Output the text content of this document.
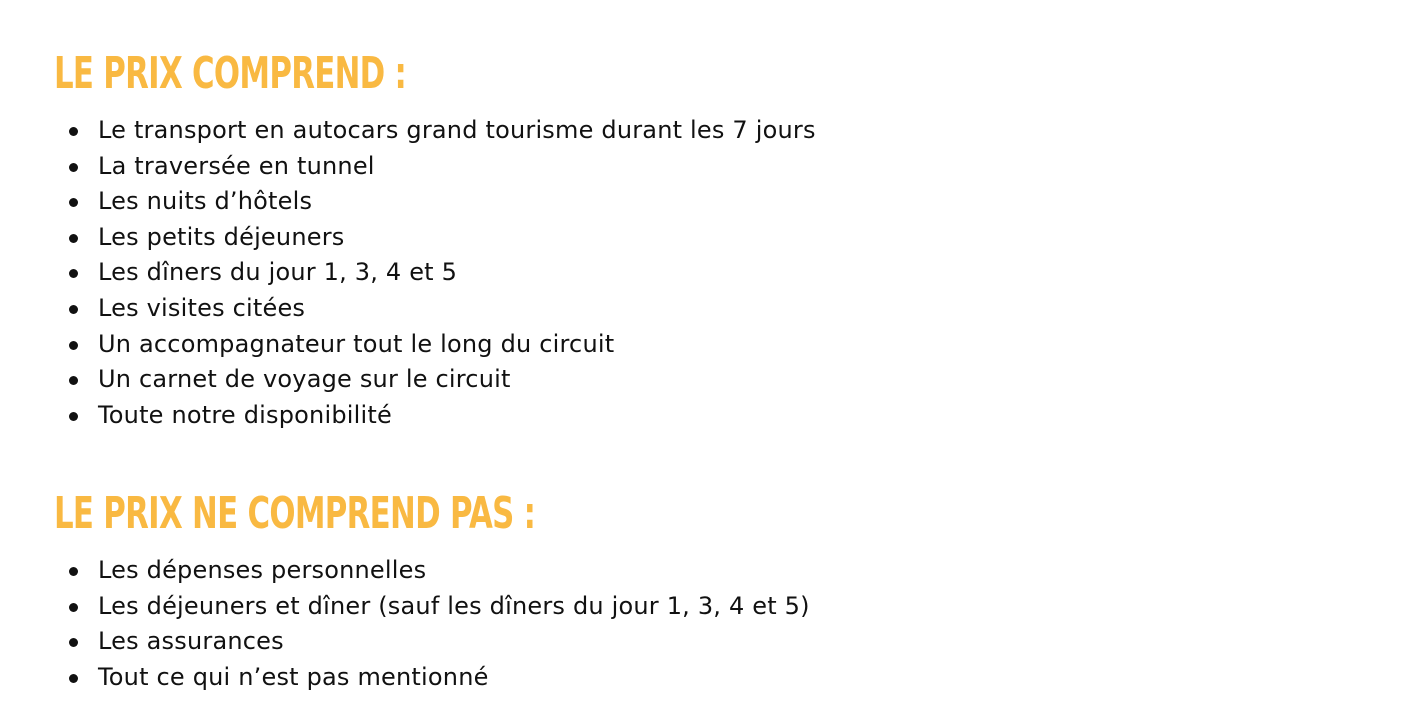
LE PRIX COMPREND :
Le transport en autocars grand tourisme durant les 7 jours
La traversée en tunnel
Les nuits d’hôtels
Les petits déjeuners
Les dîners du jour 1, 3, 4 et 5
Les visites citées
Un accompagnateur tout le long du circuit
Un carnet de voyage sur le circuit
Toute notre disponibilité
LE PRIX NE COMPREND PAS :
Les dépenses personnelles
Les déjeuners et dîner (sauf les dîners du jour 1, 3, 4 et 5)
Les assurances
Tout ce qui n’est pas mentionné
